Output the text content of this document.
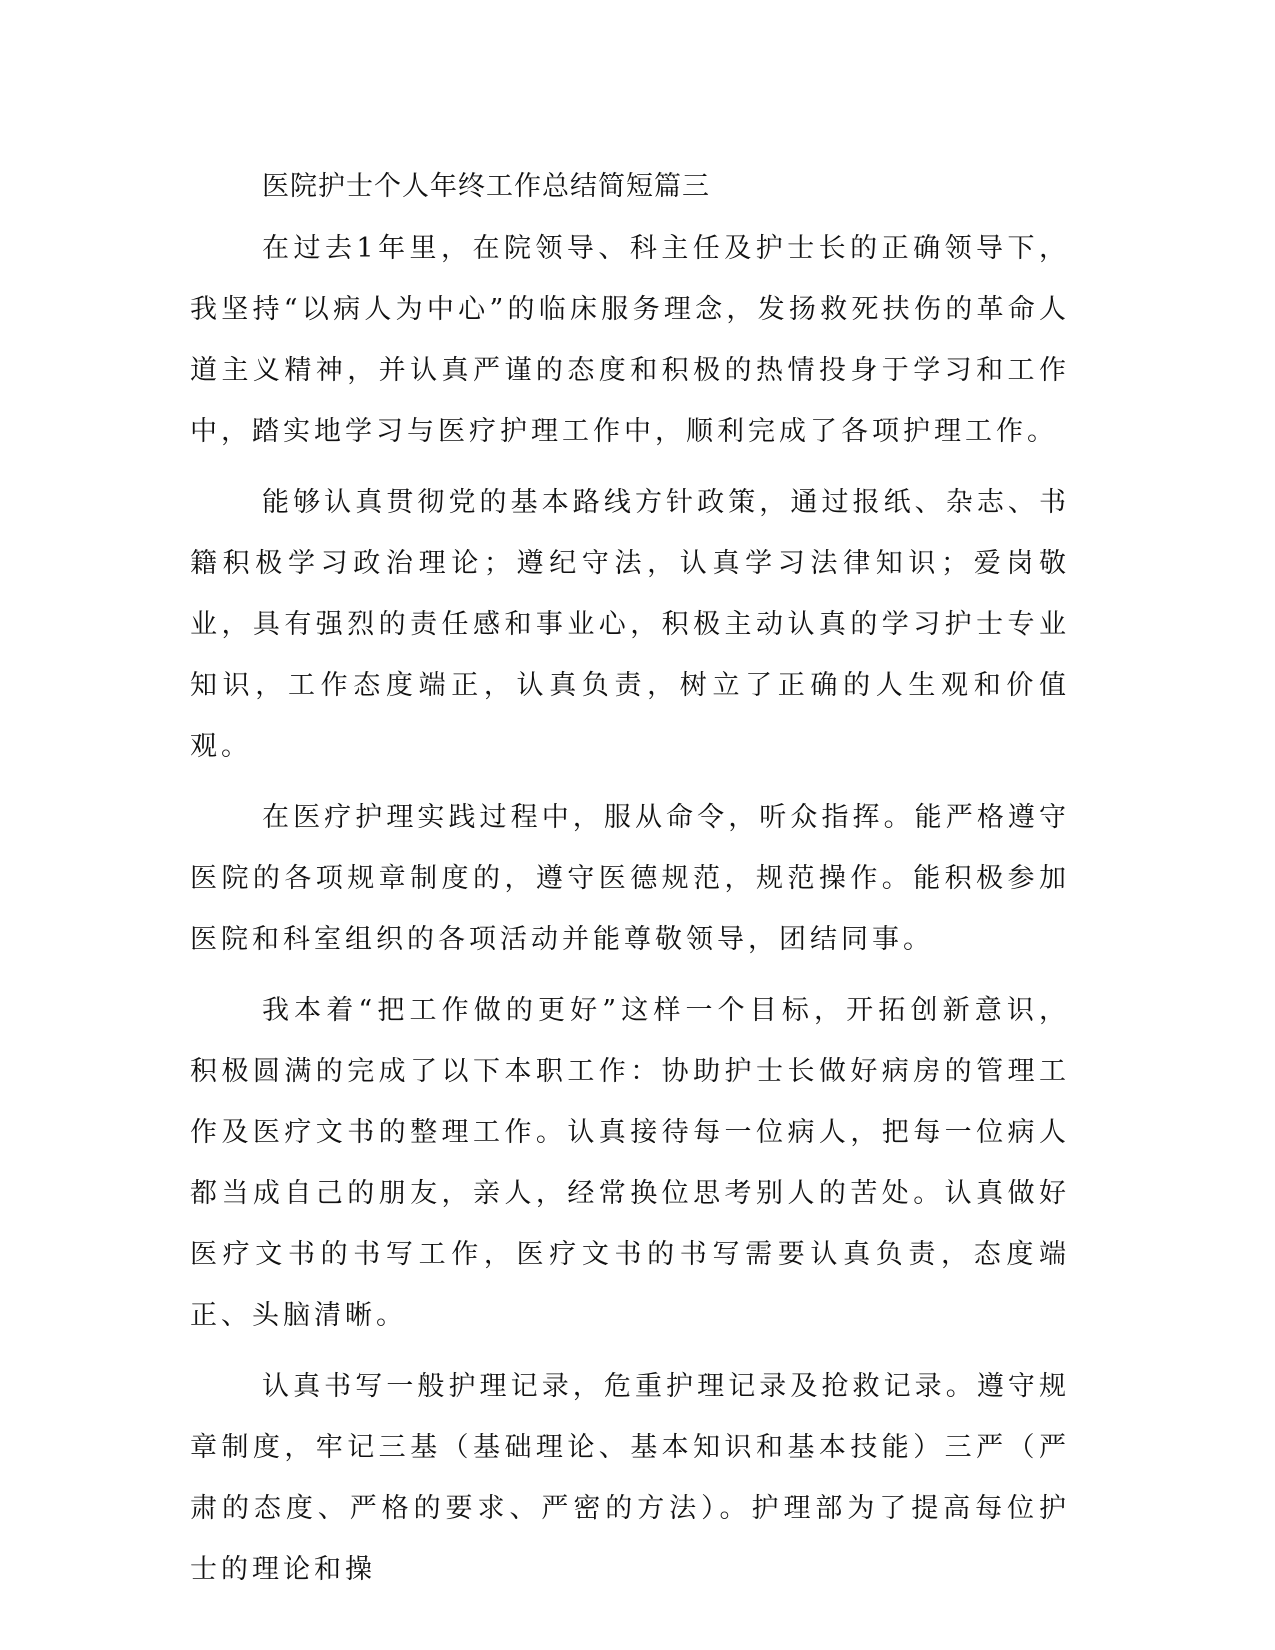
医院护士个人年终工作总结简短篇三

在过去1年里，在院领导、科主任及护士长的正确领导下，我坚持“以病人为中心”的临床服务理念，发扬救死扶伤的革命人道主义精神，并认真严谨的态度和积极的热情投身于学习和工作中，踏实地学习与医疗护理工作中，顺利完成了各项护理工作。

能够认真贯彻党的基本路线方针政策，通过报纸、杂志、书籍积极学习政治理论；遵纪守法，认真学习法律知识；爱岗敬业，具有强烈的责任感和事业心，积极主动认真的学习护士专业知识，工作态度端正，认真负责，树立了正确的人生观和价值观。

在医疗护理实践过程中，服从命令，听众指挥。能严格遵守医院的各项规章制度的，遵守医德规范，规范操作。能积极参加医院和科室组织的各项活动并能尊敬领导，团结同事。

我本着“把工作做的更好”这样一个目标，开拓创新意识，积极圆满的完成了以下本职工作：协助护士长做好病房的管理工作及医疗文书的整理工作。认真接待每一位病人，把每一位病人都当成自己的朋友，亲人，经常换位思考别人的苦处。认真做好医疗文书的书写工作，医疗文书的书写需要认真负责，态度端正、头脑清晰。

认真书写一般护理记录，危重护理记录及抢救记录。遵守规章制度，牢记三基（基础理论、基本知识和基本技能）三严（严肃的态度、严格的要求、严密的方法）。护理部为了提高每位护士的理论和操
